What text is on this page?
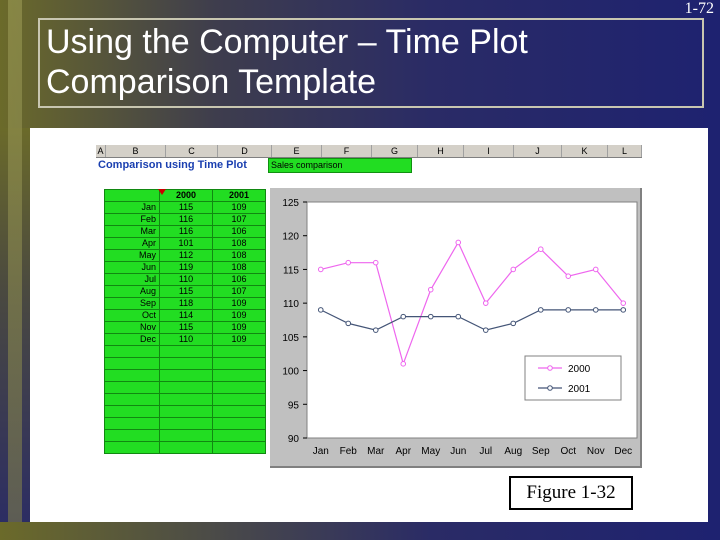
Using the Computer – Time Plot
Comparison Template
1-72
A	B	C	D	E	F	G	H	I	J	K	L
Comparison using Time Plot	Sales comparison
	2000	2001
Jan	115	109
Feb	116	107
Mar	116	106
Apr	101	108
May	112	108
Jun	119	108
Jul	110	106
Aug	115	107
Sep	118	109
Oct	114	109
Nov	115	109
Dec	110	109

90
95
100
105
110
115
120
125
Jan Feb Mar Apr May Jun Jul Aug Sep Oct Nov Dec
2000
2001
Figure 1-32
